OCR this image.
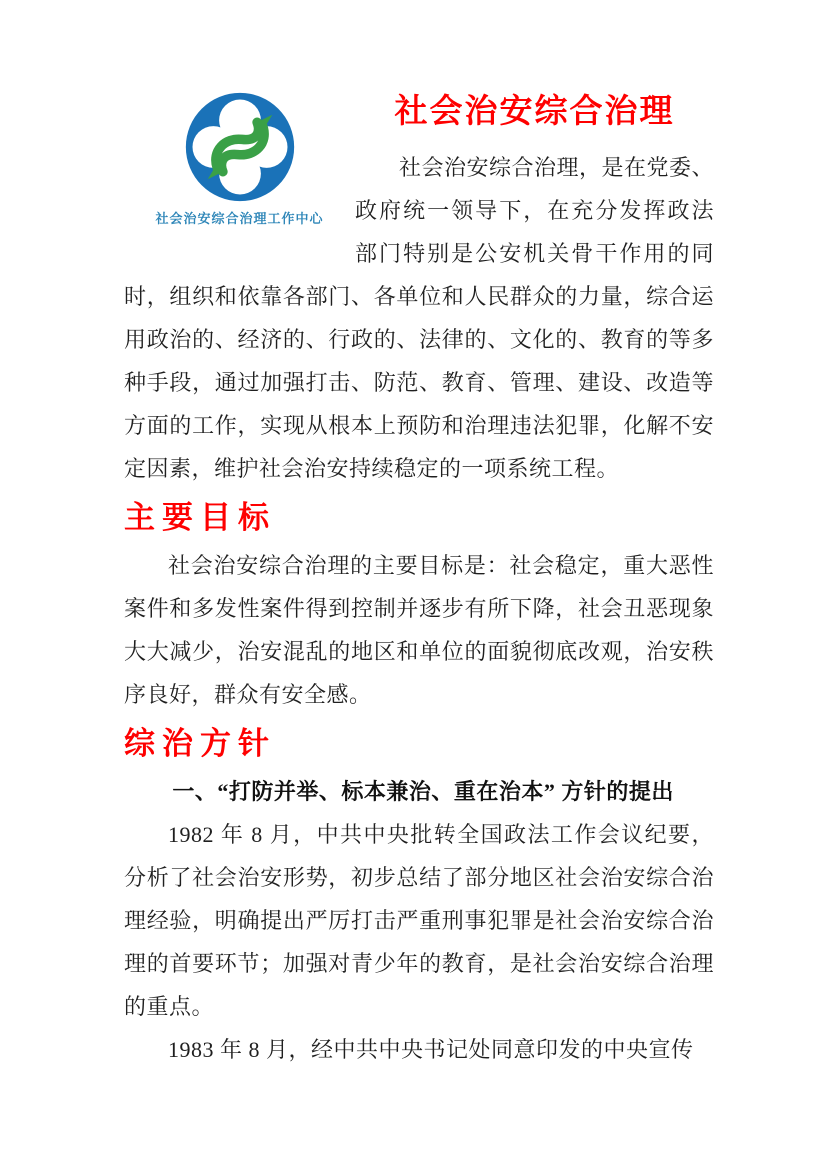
社会治安综合治理工作中心
社会治安综合治理

社会治安综合治理，是在党委、政府统一领导下，在充分发挥政法部门特别是公安机关骨干作用的同时，组织和依靠各部门、各单位和人民群众的力量，综合运用政治的、经济的、行政的、法律的、文化的、教育的等多种手段，通过加强打击、防范、教育、管理、建设、改造等方面的工作，实现从根本上预防和治理违法犯罪，化解不安定因素，维护社会治安持续稳定的一项系统工程。

主要目标

社会治安综合治理的主要目标是：社会稳定，重大恶性案件和多发性案件得到控制并逐步有所下降，社会丑恶现象大大减少，治安混乱的地区和单位的面貌彻底改观，治安秩序良好，群众有安全感。

综治方针
一、“打防并举、标本兼治、重在治本” 方针的提出

1982 年 8 月，中共中央批转全国政法工作会议纪要，分析了社会治安形势，初步总结了部分地区社会治安综合治理经验，明确提出严厉打击严重刑事犯罪是社会治安综合治理的首要环节；加强对青少年的教育，是社会治安综合治理的重点。

1983 年 8 月，经中共中央书记处同意印发的中央宣传
